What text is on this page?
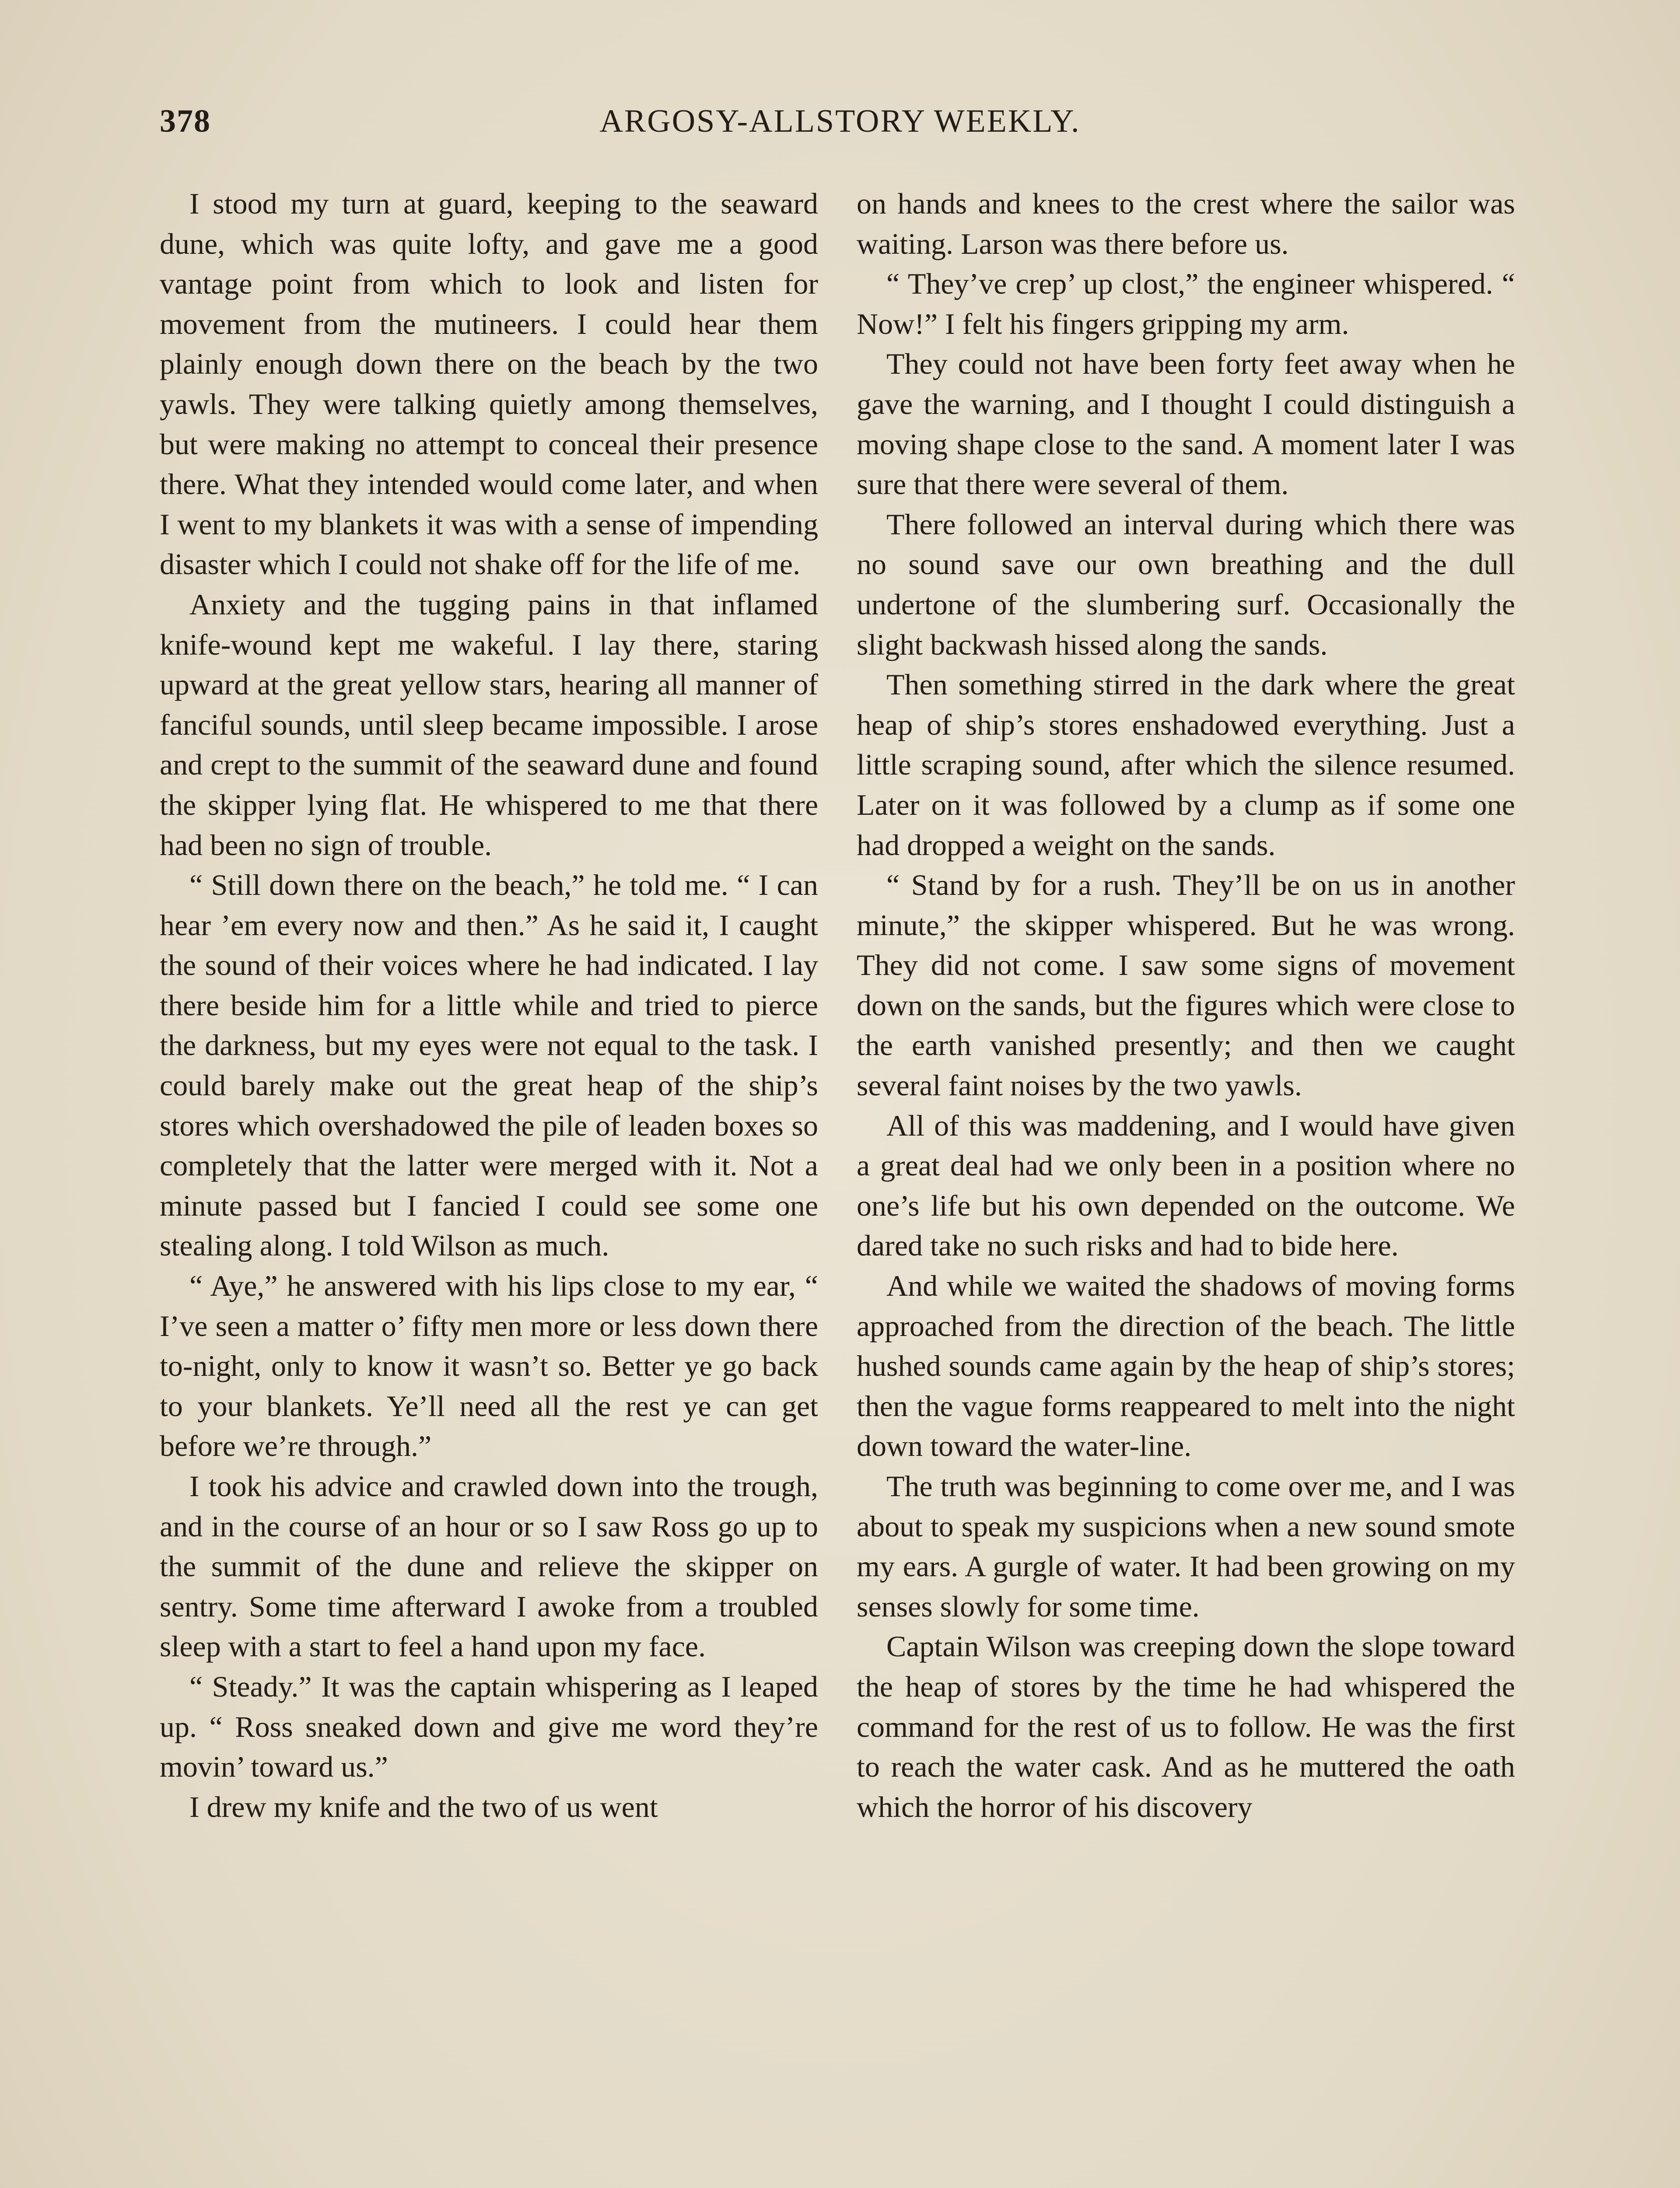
378	ARGOSY-ALLSTORY WEEKLY.

I stood my turn at guard, keeping to the seaward dune, which was quite lofty, and gave me a good vantage point from which to look and listen for movement from the mutineers. I could hear them plainly enough down there on the beach by the two yawls. They were talking quietly among themselves, but were making no attempt to conceal their presence there. What they intended would come later, and when I went to my blankets it was with a sense of impending disaster which I could not shake off for the life of me.

Anxiety and the tugging pains in that inflamed knife-wound kept me wakeful. I lay there, staring upward at the great yellow stars, hearing all manner of fanciful sounds, until sleep became impossible. I arose and crept to the summit of the seaward dune and found the skipper lying flat. He whispered to me that there had been no sign of trouble.

“ Still down there on the beach,” he told me. “ I can hear ’em every now and then.” As he said it, I caught the sound of their voices where he had indicated. I lay there beside him for a little while and tried to pierce the darkness, but my eyes were not equal to the task. I could barely make out the great heap of the ship’s stores which overshadowed the pile of leaden boxes so completely that the latter were merged with it. Not a minute passed but I fancied I could see some one stealing along. I told Wilson as much.

“ Aye,” he answered with his lips close to my ear, “ I’ve seen a matter o’ fifty men more or less down there to-night, only to know it wasn’t so. Better ye go back to your blankets. Ye’ll need all the rest ye can get before we’re through.”

I took his advice and crawled down into the trough, and in the course of an hour or so I saw Ross go up to the summit of the dune and relieve the skipper on sentry. Some time afterward I awoke from a troubled sleep with a start to feel a hand upon my face.

“ Steady.” It was the captain whispering as I leaped up. “ Ross sneaked down and give me word they’re movin’ toward us.”

I drew my knife and the two of us went

on hands and knees to the crest where the sailor was waiting. Larson was there before us.

“ They’ve crep’ up clost,” the engineer whispered. “ Now!” I felt his fingers gripping my arm.

They could not have been forty feet away when he gave the warning, and I thought I could distinguish a moving shape close to the sand. A moment later I was sure that there were several of them.

There followed an interval during which there was no sound save our own breathing and the dull undertone of the slumbering surf. Occasionally the slight backwash hissed along the sands.

Then something stirred in the dark where the great heap of ship’s stores enshadowed everything. Just a little scraping sound, after which the silence resumed. Later on it was followed by a clump as if some one had dropped a weight on the sands.

“ Stand by for a rush. They’ll be on us in another minute,” the skipper whispered. But he was wrong. They did not come. I saw some signs of movement down on the sands, but the figures which were close to the earth vanished presently; and then we caught several faint noises by the two yawls.

All of this was maddening, and I would have given a great deal had we only been in a position where no one’s life but his own depended on the outcome. We dared take no such risks and had to bide here.

And while we waited the shadows of moving forms approached from the direction of the beach. The little hushed sounds came again by the heap of ship’s stores; then the vague forms reappeared to melt into the night down toward the water-line.

The truth was beginning to come over me, and I was about to speak my suspicions when a new sound smote my ears. A gurgle of water. It had been growing on my senses slowly for some time.

Captain Wilson was creeping down the slope toward the heap of stores by the time he had whispered the command for the rest of us to follow. He was the first to reach the water cask. And as he muttered the oath which the horror of his discovery
